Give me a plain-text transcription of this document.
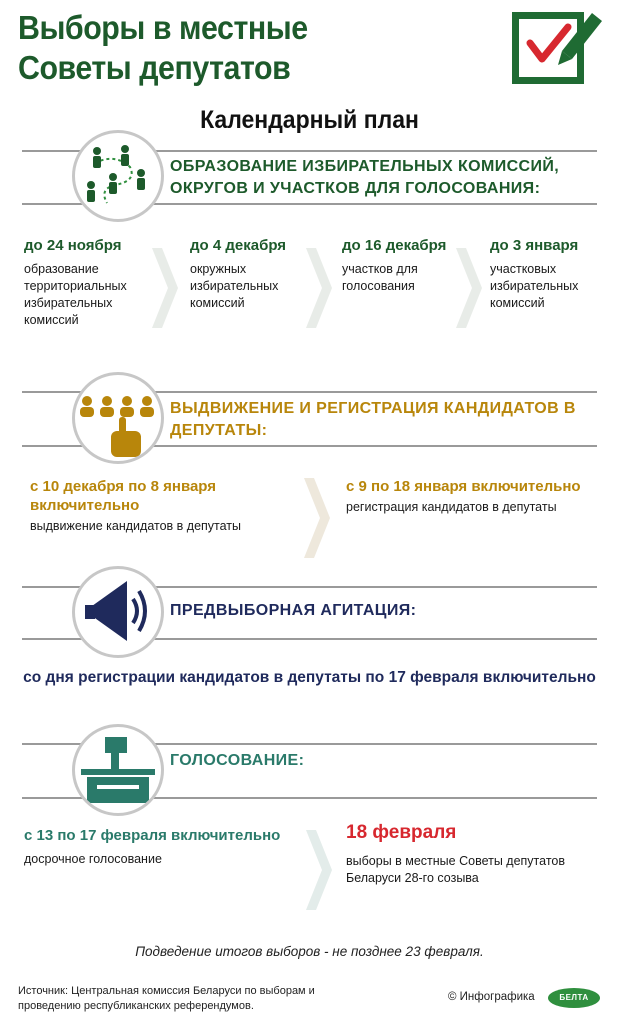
Выборы в местные Советы депутатов
Календарный план
ОБРАЗОВАНИЕ ИЗБИРАТЕЛЬНЫХ КОМИССИЙ, ОКРУГОВ И УЧАСТКОВ ДЛЯ ГОЛОСОВАНИЯ:
до 24 ноября
образование территориальных избирательных комиссий
до 4 декабря
окружных избирательных комиссий
до 16 декабря
участков для голосования
до 3 января
участковых избирательных комиссий
ВЫДВИЖЕНИЕ И РЕГИСТРАЦИЯ КАНДИДАТОВ В ДЕПУТАТЫ:
с 10 декабря по 8 января включительно
выдвижение кандидатов в депутаты
с 9 по 18 января включительно
регистрация кандидатов в депутаты
ПРЕДВЫБОРНАЯ АГИТАЦИЯ:
со дня регистрации кандидатов в депутаты по 17 февраля включительно
ГОЛОСОВАНИЕ:
с 13 по 17 февраля включительно
досрочное голосование
18 февраля
выборы в местные Советы депутатов Беларуси 28-го созыва
Подведение итогов выборов - не позднее 23 февраля.
Источник: Центральная комиссия Беларуси по выборам и проведению республиканских референдумов.
© Инфографика	БЕЛТА
